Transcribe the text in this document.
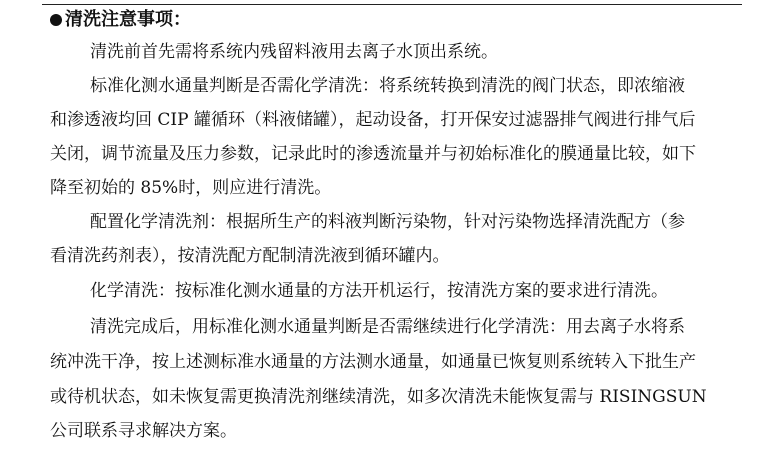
清洗注意事项：
清洗前首先需将系统内残留料液用去离子水顶出系统。
标准化测水通量判断是否需化学清洗：将系统转换到清洗的阀门状态，即浓缩液
和渗透液均回 CIP 罐循环（料液储罐），起动设备，打开保安过滤器排气阀进行排气后
关闭，调节流量及压力参数，记录此时的渗透流量并与初始标准化的膜通量比较，如下
降至初始的 85%时，则应进行清洗。
配置化学清洗剂：根据所生产的料液判断污染物，针对污染物选择清洗配方（参
看清洗药剂表），按清洗配方配制清洗液到循环罐内。
化学清洗：按标准化测水通量的方法开机运行，按清洗方案的要求进行清洗。
清洗完成后，用标准化测水通量判断是否需继续进行化学清洗：用去离子水将系
统冲洗干净，按上述测标准水通量的方法测水通量，如通量已恢复则系统转入下批生产
或待机状态，如未恢复需更换清洗剂继续清洗，如多次清洗未能恢复需与 RISINGSUN
公司联系寻求解决方案。
